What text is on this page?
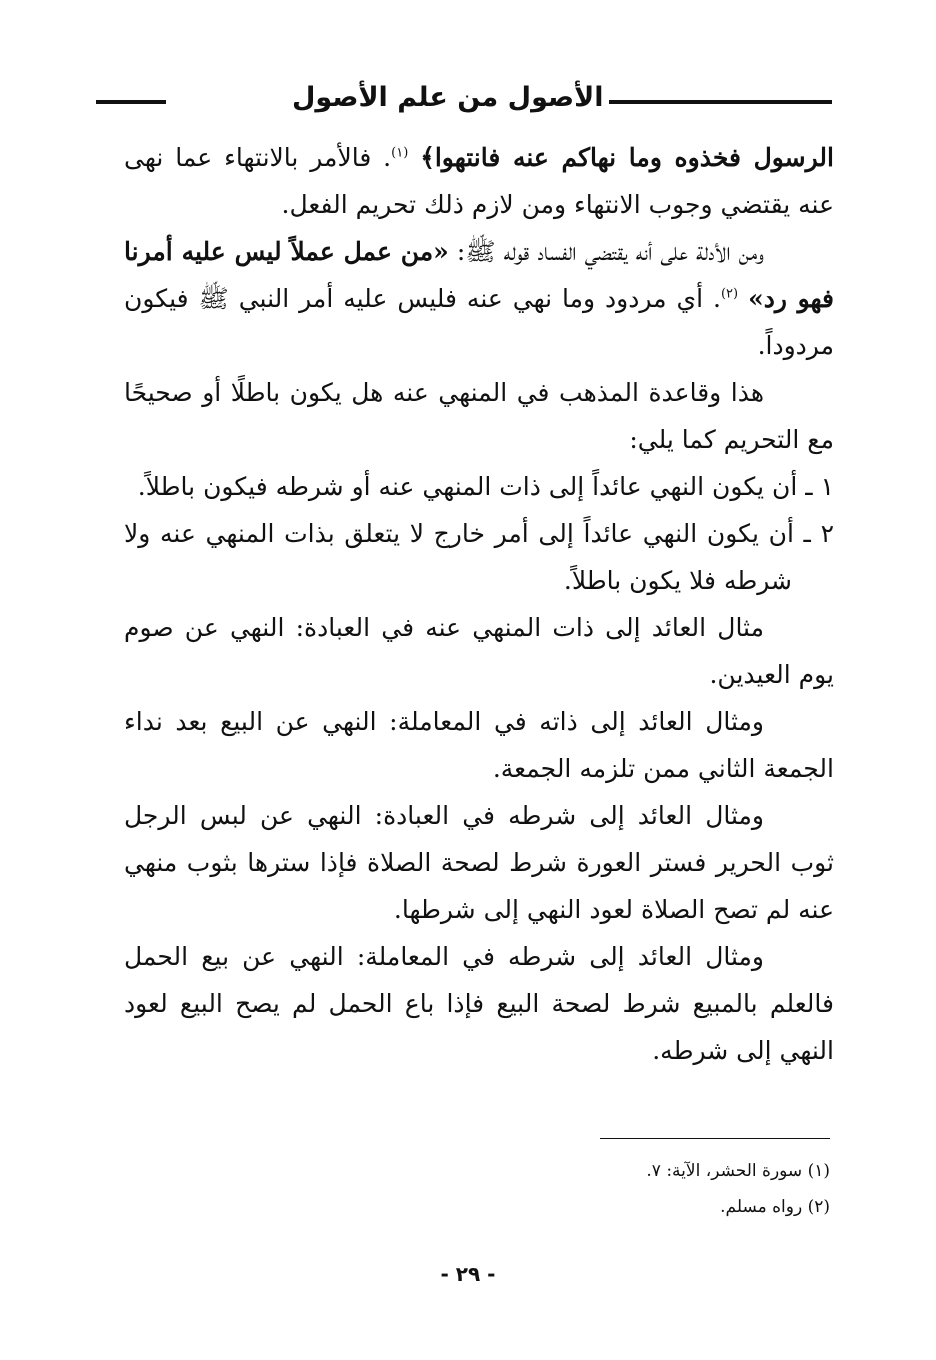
الأصول من علم الأصول

الرسول فخذوه وما نهاكم عنه فانتهوا﴾ $^{(١)}$. فالأمر بالانتهاء عما نهى عنه يقتضي وجوب الانتهاء ومن لازم ذلك تحريم الفعل.

ومن الأدلة على أنه يقتضي الفساد قوله ﷺ: «من عمل عملاً ليس عليه أمرنا فهو رد» $^{(٢)}$. أي مردود وما نهي عنه فليس عليه أمر النبي ﷺ فيكون مردوداً.

هذا وقاعدة المذهب في المنهي عنه هل يكون باطلًا أو صحيحًا مع التحريم كما يلي:

١ ـ أن يكون النهي عائداً إلى ذات المنهي عنه أو شرطه فيكون باطلاً.

٢ ـ أن يكون النهي عائداً إلى أمر خارج لا يتعلق بذات المنهي عنه ولا شرطه فلا يكون باطلاً.

مثال العائد إلى ذات المنهي عنه في العبادة: النهي عن صوم يوم العيدين.

ومثال العائد إلى ذاته في المعاملة: النهي عن البيع بعد نداء الجمعة الثاني ممن تلزمه الجمعة.

ومثال العائد إلى شرطه في العبادة: النهي عن لبس الرجل ثوب الحرير فستر العورة شرط لصحة الصلاة فإذا سترها بثوب منهي عنه لم تصح الصلاة لعود النهي إلى شرطها.

ومثال العائد إلى شرطه في المعاملة: النهي عن بيع الحمل فالعلم بالمبيع شرط لصحة البيع فإذا باع الحمل لم يصح البيع لعود النهي إلى شرطه.

(١) سورة الحشر، الآية: ٧.

(٢) رواه مسلم.

- ٢٩ -
